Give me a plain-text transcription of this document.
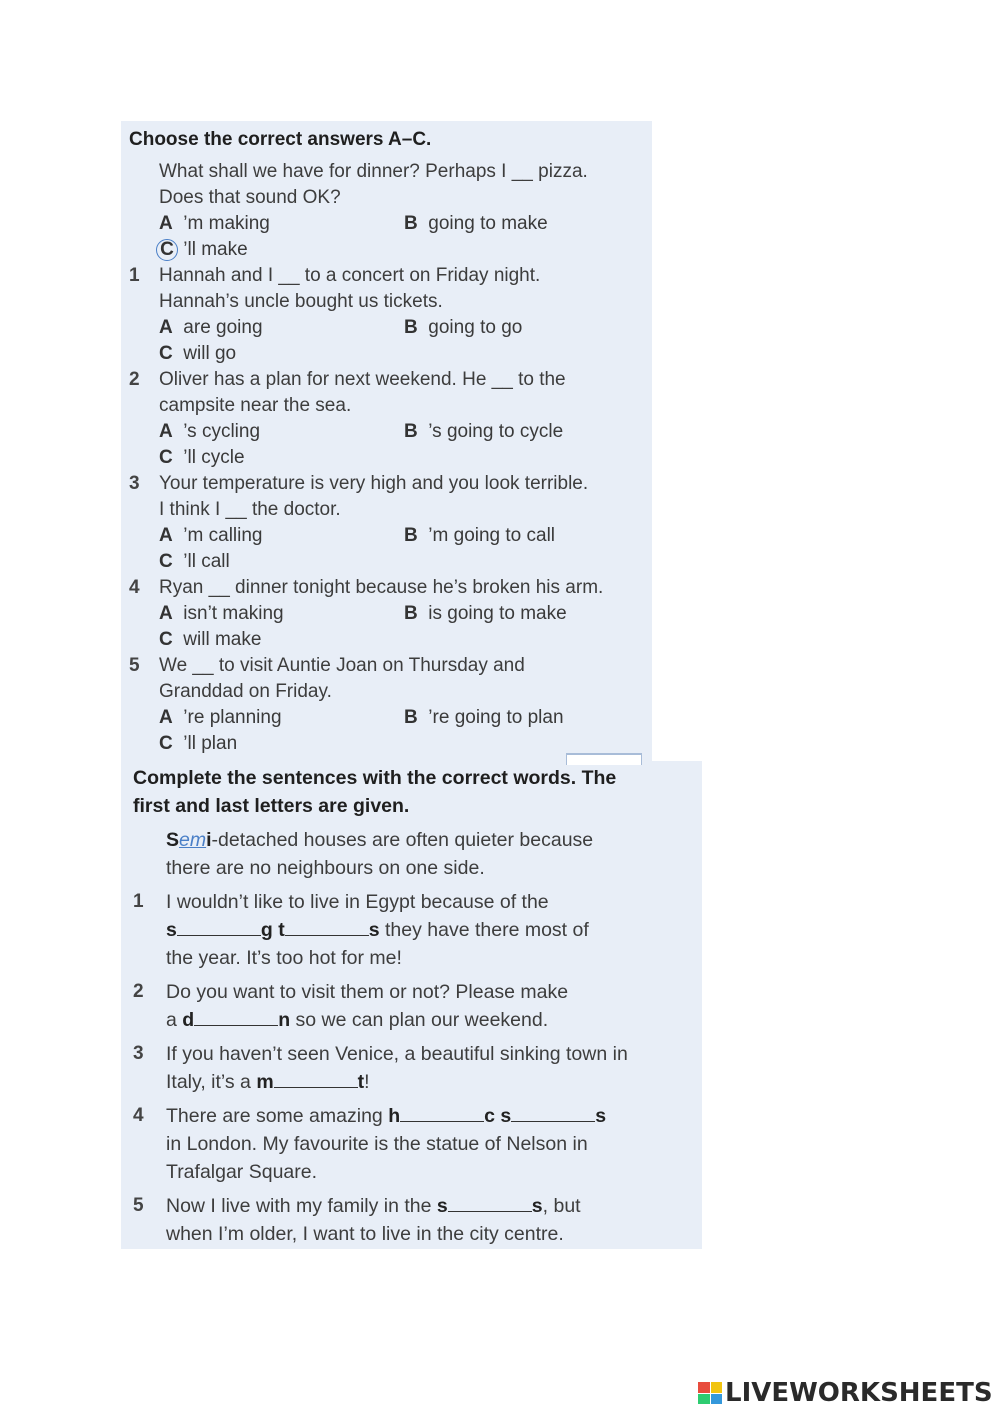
Choose the correct answers A–C.
What shall we have for dinner? Perhaps I __ pizza.
Does that sound OK?
A ’m making	B going to make
C ’ll make
1 Hannah and I __ to a concert on Friday night.
Hannah’s uncle bought us tickets.
A are going	B going to go
C will go
2 Oliver has a plan for next weekend. He __ to the
campsite near the sea.
A ’s cycling	B ’s going to cycle
C ’ll cycle
3 Your temperature is very high and you look terrible.
I think I __ the doctor.
A ’m calling	B ’m going to call
C ’ll call
4 Ryan __ dinner tonight because he’s broken his arm.
A isn’t making	B is going to make
C will make
5 We __ to visit Auntie Joan on Thursday and
Granddad on Friday.
A ’re planning	B ’re going to plan
C ’ll plan
Complete the sentences with the correct words. The
first and last letters are given.
Semi-detached houses are often quieter because
there are no neighbours on one side.
1 I wouldn’t like to live in Egypt because of the
s	g t	s they have there most of
the year. It’s too hot for me!
2 Do you want to visit them or not? Please make
a d	n so we can plan our weekend.
3 If you haven’t seen Venice, a beautiful sinking town in
Italy, it’s a m	t!
4 There are some amazing h	c s	s
in London. My favourite is the statue of Nelson in
Trafalgar Square.
5 Now I live with my family in the s	s, but
when I’m older, I want to live in the city centre.
LIVEWORKSHEETS
